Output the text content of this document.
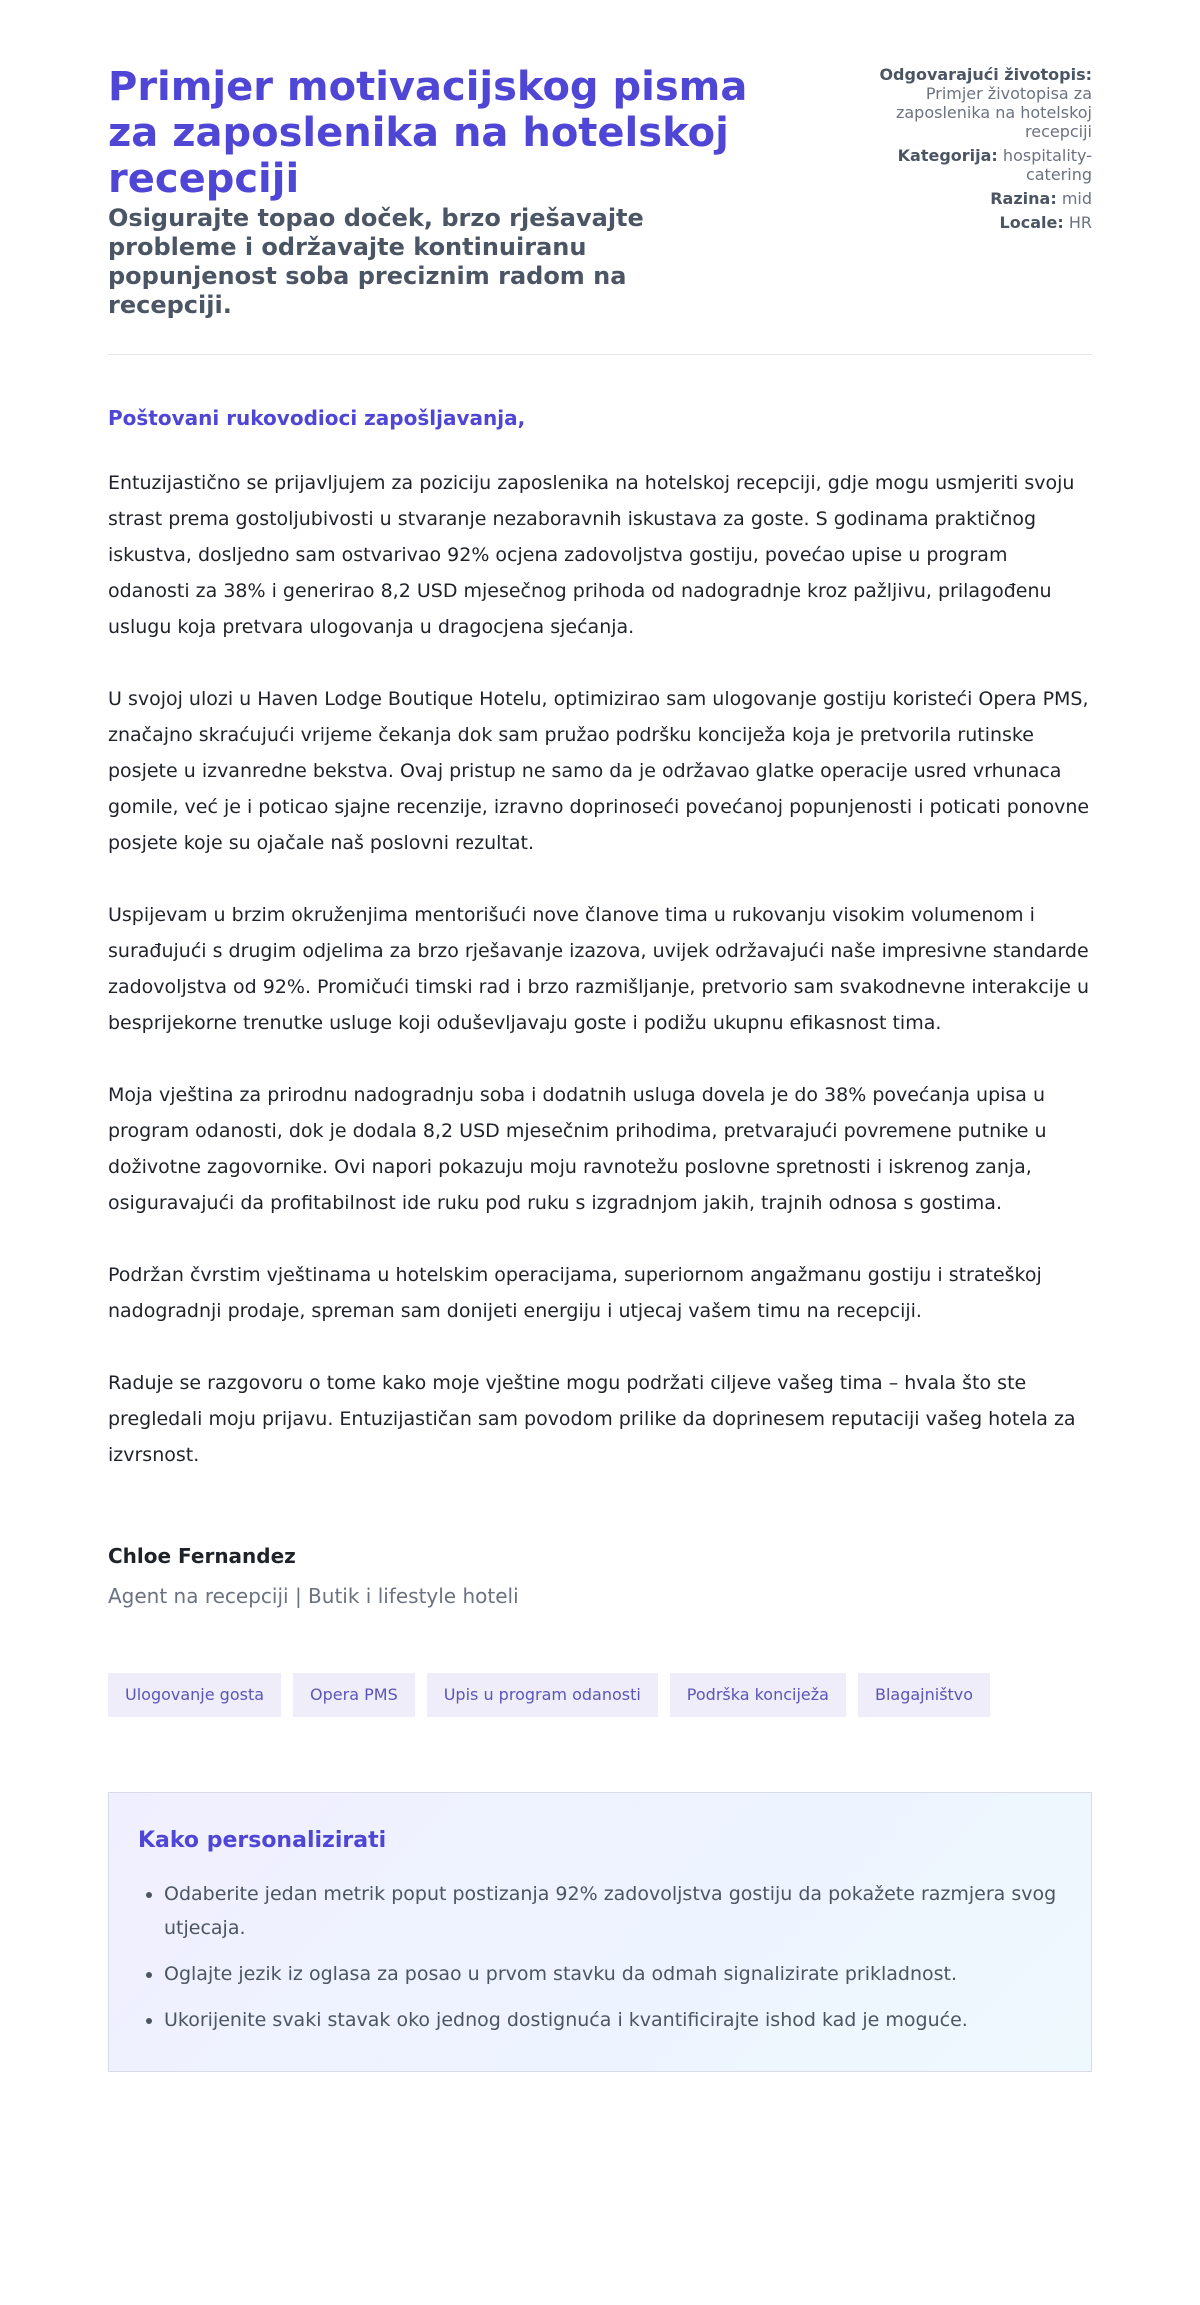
Primjer motivacijskog pisma za zaposlenika na hotelskoj recepciji
Osigurajte topao doček, brzo rješavajte probleme i održavajte kontinuiranu popunjenost soba preciznim radom na recepciji.
Odgovarajući životopis: Primjer životopisa za zaposlenika na hotelskoj recepciji
Kategorija: hospitality-catering
Razina: mid
Locale: HR

Poštovani rukovodioci zapošljavanja,

Entuzijastično se prijavljujem za poziciju zaposlenika na hotelskoj recepciji, gdje mogu usmjeriti svoju strast prema gostoljubivosti u stvaranje nezaboravnih iskustava za goste. S godinama praktičnog iskustva, dosljedno sam ostvarivao 92% ocjena zadovoljstva gostiju, povećao upise u program odanosti za 38% i generirao 8,2 USD mjesečnog prihoda od nadogradnje kroz pažljivu, prilagođenu uslugu koja pretvara ulogovanja u dragocjena sjećanja.

U svojoj ulozi u Haven Lodge Boutique Hotelu, optimizirao sam ulogovanje gostiju koristeći Opera PMS, značajno skraćujući vrijeme čekanja dok sam pružao podršku konciježa koja je pretvorila rutinske posjete u izvanredne bekstva. Ovaj pristup ne samo da je održavao glatke operacije usred vrhunaca gomile, već je i poticao sjajne recenzije, izravno doprinoseći povećanoj popunjenosti i poticati ponovne posjete koje su ojačale naš poslovni rezultat.

Uspijevam u brzim okruženjima mentorišući nove članove tima u rukovanju visokim volumenom i surađujući s drugim odjelima za brzo rješavanje izazova, uvijek održavajući naše impresivne standarde zadovoljstva od 92%. Promičući timski rad i brzo razmišljanje, pretvorio sam svakodnevne interakcije u besprijekorne trenutke usluge koji oduševljavaju goste i podižu ukupnu efikasnost tima.

Moja vještina za prirodnu nadogradnju soba i dodatnih usluga dovela je do 38% povećanja upisa u program odanosti, dok je dodala 8,2 USD mjesečnim prihodima, pretvarajući povremene putnike u doživotne zagovornike. Ovi napori pokazuju moju ravnotežu poslovne spretnosti i iskrenog zanja, osiguravajući da profitabilnost ide ruku pod ruku s izgradnjom jakih, trajnih odnosa s gostima.

Podržan čvrstim vještinama u hotelskim operacijama, superiornom angažmanu gostiju i strateškoj nadogradnji prodaje, spreman sam donijeti energiju i utjecaj vašem timu na recepciji.

Raduje se razgovoru o tome kako moje vještine mogu podržati ciljeve vašeg tima – hvala što ste pregledali moju prijavu. Entuzijastičan sam povodom prilike da doprinesem reputaciji vašeg hotela za izvrsnost.

Chloe Fernandez
Agent na recepciji | Butik i lifestyle hoteli
Ulogovanje gosta	Opera PMS	Upis u program odanosti	Podrška konciježa	Blagajništvo
Kako personalizirati
• Odaberite jedan metrik poput postizanja 92% zadovoljstva gostiju da pokažete razmjera svog utjecaja.
• Oglajte jezik iz oglasa za posao u prvom stavku da odmah signalizirate prikladnost.
• Ukorijenite svaki stavak oko jednog dostignuća i kvantificirajte ishod kad je moguće.
